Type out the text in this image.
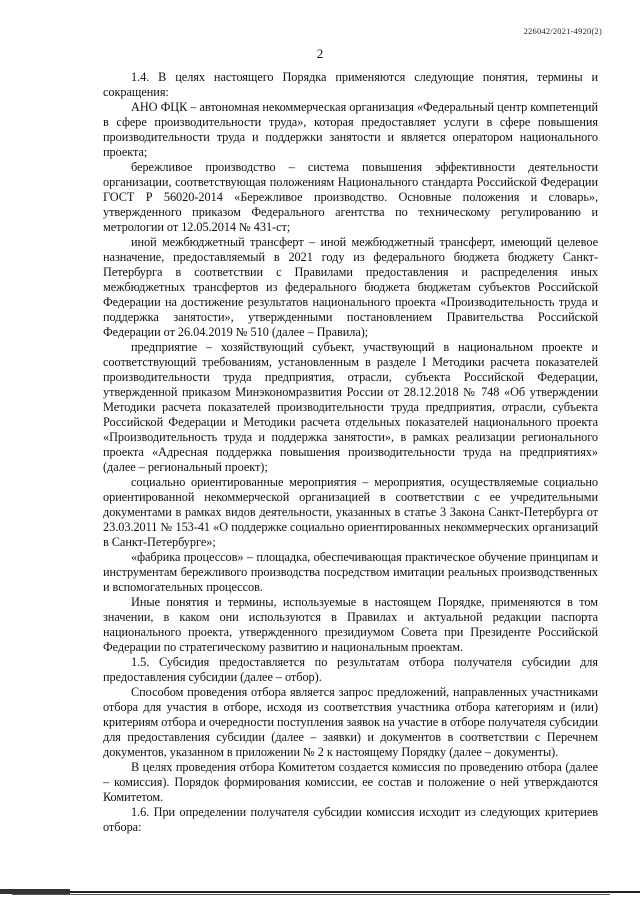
226042/2021-4920(2)
2

1.4. В целях настоящего Порядка применяются следующие понятия, термины и сокращения:

АНО ФЦК – автономная некоммерческая организация «Федеральный центр компетенций в сфере производительности труда», которая предоставляет услуги в сфере повышения производительности труда и поддержки занятости и является оператором национального проекта;

бережливое производство – система повышения эффективности деятельности организации, соответствующая положениям Национального стандарта Российской Федерации ГОСТ Р 56020-2014 «Бережливое производство. Основные положения и словарь», утвержденного приказом Федерального агентства по техническому регулированию и метрологии от 12.05.2014 № 431-ст;

иной межбюджетный трансферт – иной межбюджетный трансферт, имеющий целевое назначение, предоставляемый в 2021 году из федерального бюджета бюджету Санкт-Петербурга в соответствии с Правилами предоставления и распределения иных межбюджетных трансфертов из федерального бюджета бюджетам субъектов Российской Федерации на достижение результатов национального проекта «Производительность труда и поддержка занятости», утвержденными постановлением Правительства Российской Федерации от 26.04.2019 № 510 (далее – Правила);

предприятие – хозяйствующий субъект, участвующий в национальном проекте и соответствующий требованиям, установленным в разделе I Методики расчета показателей производительности труда предприятия, отрасли, субъекта Российской Федерации, утвержденной приказом Минэкономразвития России от 28.12.2018 № 748 «Об утверждении Методики расчета показателей производительности труда предприятия, отрасли, субъекта Российской Федерации и Методики расчета отдельных показателей национального проекта «Производительность труда и поддержка занятости», в рамках реализации регионального проекта «Адресная поддержка повышения производительности труда на предприятиях» (далее – региональный проект);

социально ориентированные мероприятия – мероприятия, осуществляемые социально ориентированной некоммерческой организацией в соответствии с ее учредительными документами в рамках видов деятельности, указанных в статье 3 Закона Санкт-Петербурга от 23.03.2011 № 153-41 «О поддержке социально ориентированных некоммерческих организаций в Санкт-Петербурге»;

«фабрика процессов» – площадка, обеспечивающая практическое обучение принципам и инструментам бережливого производства посредством имитации реальных производственных и вспомогательных процессов.

Иные понятия и термины, используемые в настоящем Порядке, применяются в том значении, в каком они используются в Правилах и актуальной редакции паспорта национального проекта, утвержденного президиумом Совета при Президенте Российской Федерации по стратегическому развитию и национальным проектам.

1.5. Субсидия предоставляется по результатам отбора получателя субсидии для предоставления субсидии (далее – отбор).

Способом проведения отбора является запрос предложений, направленных участниками отбора для участия в отборе, исходя из соответствия участника отбора категориям и (или) критериям отбора и очередности поступления заявок на участие в отборе получателя субсидии для предоставления субсидии (далее – заявки) и документов в соответствии с Перечнем документов, указанном в приложении № 2 к настоящему Порядку (далее – документы).

В целях проведения отбора Комитетом создается комиссия по проведению отбора (далее – комиссия). Порядок формирования комиссии, ее состав и положение о ней утверждаются Комитетом.

1.6. При определении получателя субсидии комиссия исходит из следующих критериев отбора:
